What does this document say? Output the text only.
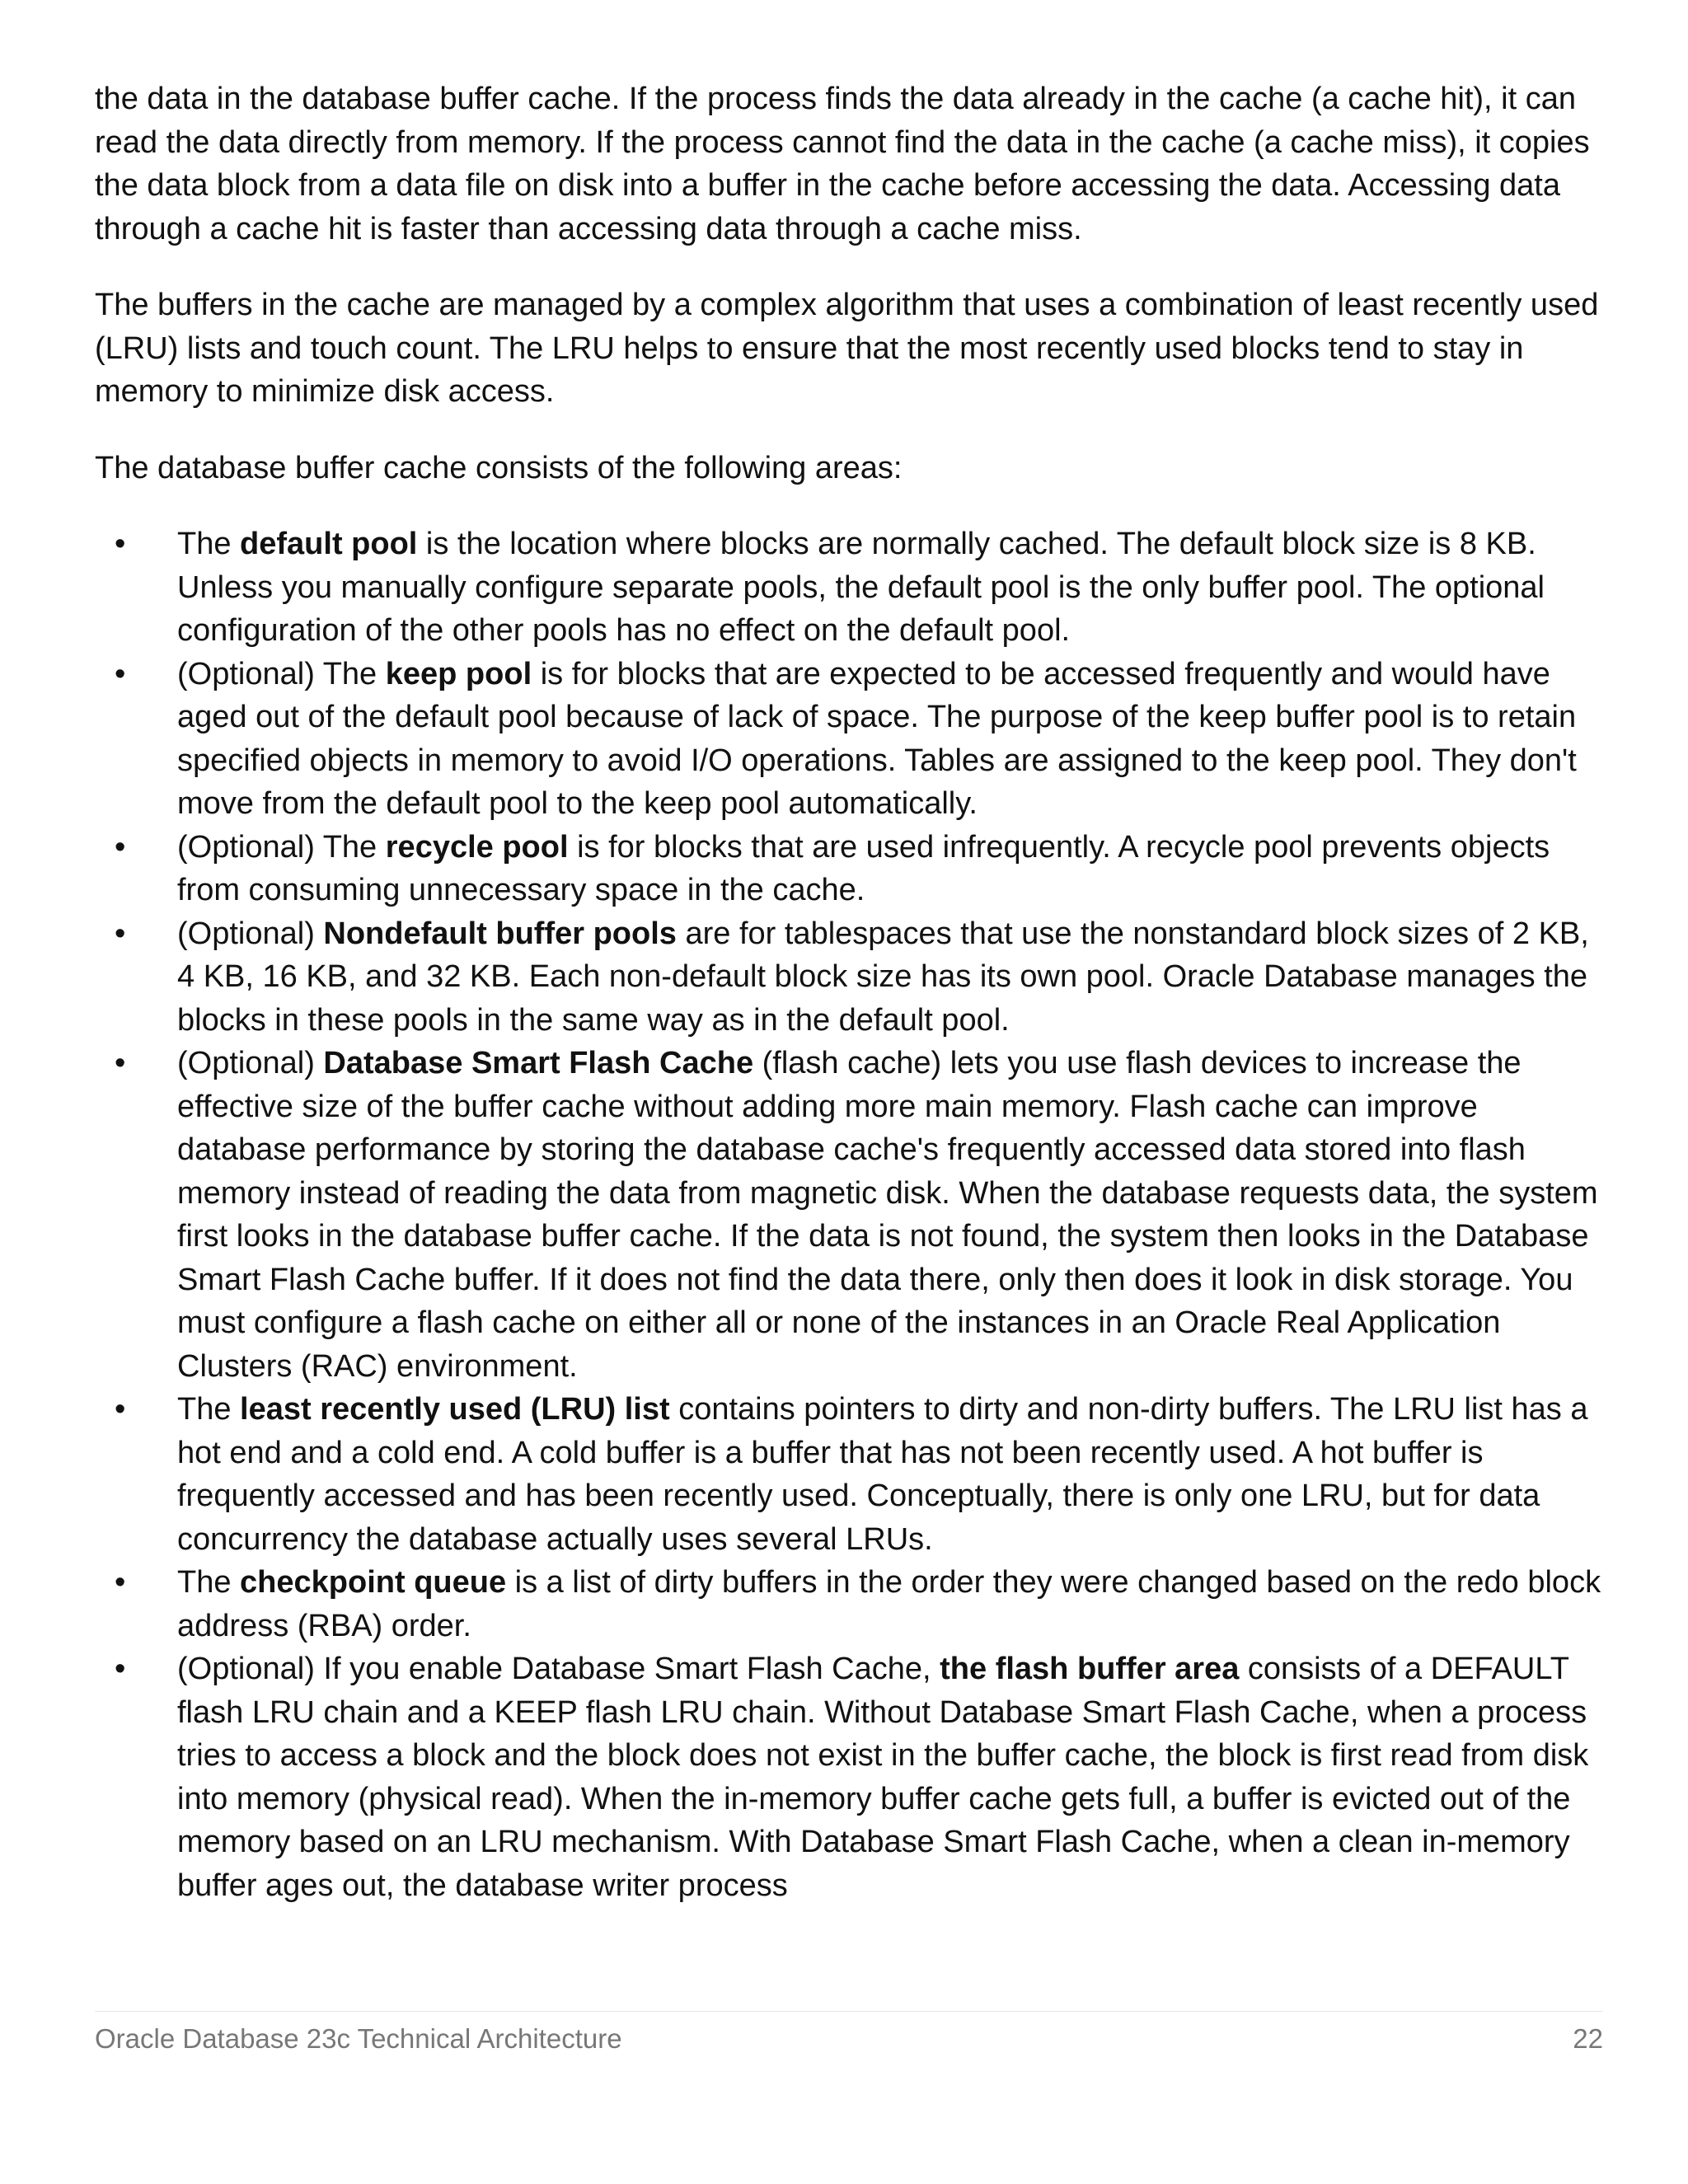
the data in the database buffer cache. If the process finds the data already in the cache (a cache hit), it can read the data directly from memory. If the process cannot find the data in the cache (a cache miss), it copies the data block from a data file on disk into a buffer in the cache before accessing the data. Accessing data through a cache hit is faster than accessing data through a cache miss.

The buffers in the cache are managed by a complex algorithm that uses a combination of least recently used (LRU) lists and touch count. The LRU helps to ensure that the most recently used blocks tend to stay in memory to minimize disk access.

The database buffer cache consists of the following areas:

• The default pool is the location where blocks are normally cached. The default block size is 8 KB. Unless you manually configure separate pools, the default pool is the only buffer pool. The optional configuration of the other pools has no effect on the default pool.
• (Optional) The keep pool is for blocks that are expected to be accessed frequently and would have aged out of the default pool because of lack of space. The purpose of the keep buffer pool is to retain specified objects in memory to avoid I/O operations. Tables are assigned to the keep pool. They don't move from the default pool to the keep pool automatically.
• (Optional) The recycle pool is for blocks that are used infrequently. A recycle pool prevents objects from consuming unnecessary space in the cache.
• (Optional) Nondefault buffer pools are for tablespaces that use the nonstandard block sizes of 2 KB, 4 KB, 16 KB, and 32 KB. Each non-default block size has its own pool. Oracle Database manages the blocks in these pools in the same way as in the default pool.
• (Optional) Database Smart Flash Cache (flash cache) lets you use flash devices to increase the effective size of the buffer cache without adding more main memory. Flash cache can improve database performance by storing the database cache's frequently accessed data stored into flash memory instead of reading the data from magnetic disk. When the database requests data, the system first looks in the database buffer cache. If the data is not found, the system then looks in the Database Smart Flash Cache buffer. If it does not find the data there, only then does it look in disk storage. You must configure a flash cache on either all or none of the instances in an Oracle Real Application Clusters (RAC) environment.
• The least recently used (LRU) list contains pointers to dirty and non-dirty buffers. The LRU list has a hot end and a cold end. A cold buffer is a buffer that has not been recently used. A hot buffer is frequently accessed and has been recently used. Conceptually, there is only one LRU, but for data concurrency the database actually uses several LRUs.
• The checkpoint queue is a list of dirty buffers in the order they were changed based on the redo block address (RBA) order.
• (Optional) If you enable Database Smart Flash Cache, the flash buffer area consists of a DEFAULT flash LRU chain and a KEEP flash LRU chain. Without Database Smart Flash Cache, when a process tries to access a block and the block does not exist in the buffer cache, the block is first read from disk into memory (physical read). When the in-memory buffer cache gets full, a buffer is evicted out of the memory based on an LRU mechanism. With Database Smart Flash Cache, when a clean in-memory buffer ages out, the database writer process
Oracle Database 23c Technical Architecture	22
